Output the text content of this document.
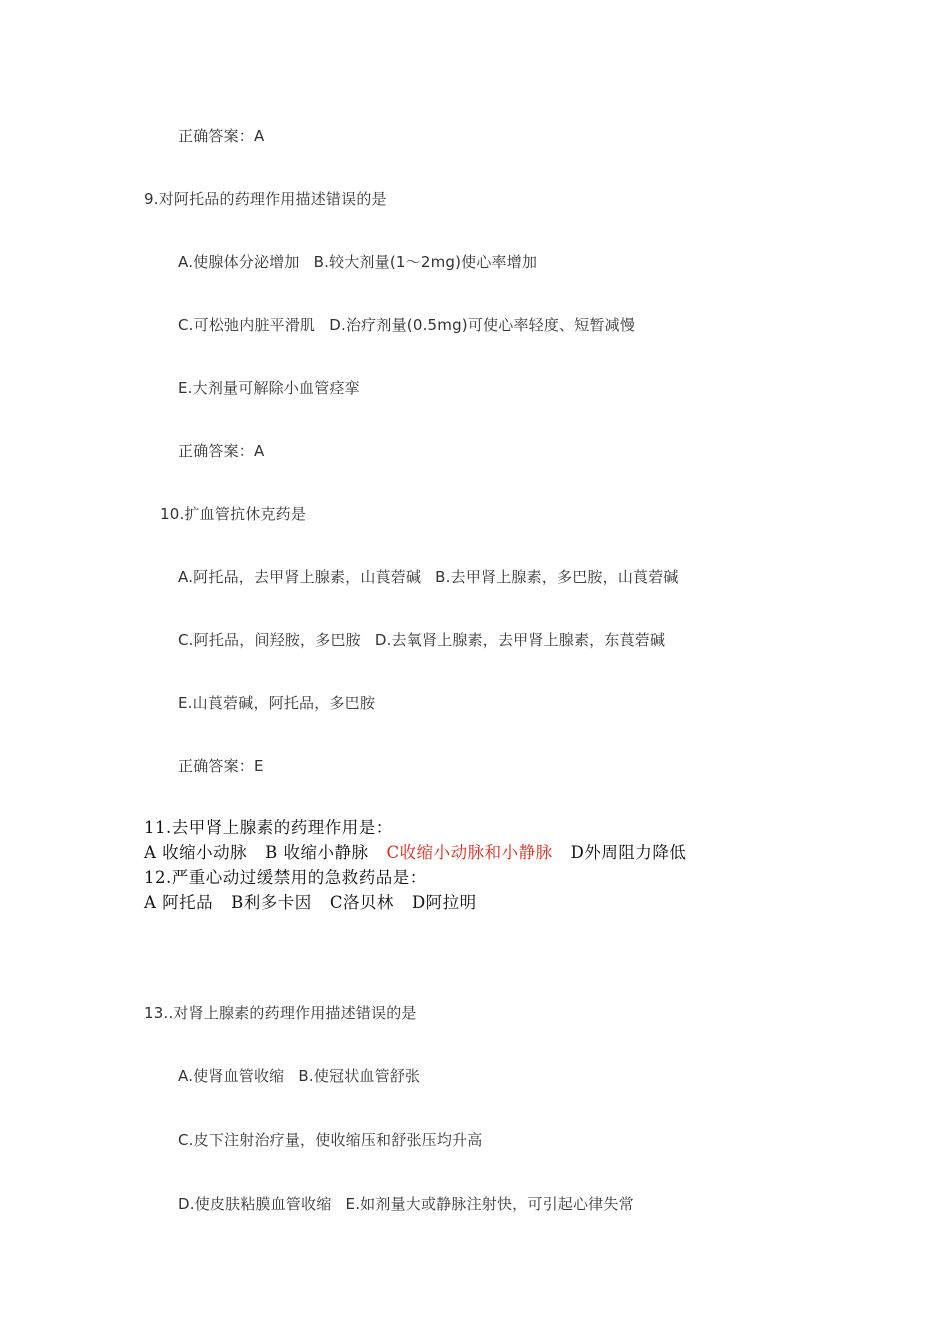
正确答案：A
9.对阿托品的药理作用描述错误的是
A.使腺体分泌增加 B.较大剂量(1～2mg)使心率增加
C.可松弛内脏平滑肌 D.治疗剂量(0.5mg)可使心率轻度、短暂减慢
E.大剂量可解除小血管痉挛
正确答案：A
10.扩血管抗休克药是
A.阿托品，去甲肾上腺素，山莨菪碱 B.去甲肾上腺素，多巴胺，山莨菪碱
C.阿托品，间羟胺，多巴胺 D.去氧肾上腺素，去甲肾上腺素，东莨菪碱
E.山莨菪碱，阿托品，多巴胺
正确答案：E
11.去甲肾上腺素的药理作用是：
A 收缩小动脉 B 收缩小静脉 C收缩小动脉和小静脉 D外周阻力降低
12.严重心动过缓禁用的急救药品是：
A 阿托品 B利多卡因 C洛贝林 D阿拉明
13..对肾上腺素的药理作用描述错误的是
A.使肾血管收缩 B.使冠状血管舒张
C.皮下注射治疗量，使收缩压和舒张压均升高
D.使皮肤粘膜血管收缩 E.如剂量大或静脉注射快，可引起心律失常
